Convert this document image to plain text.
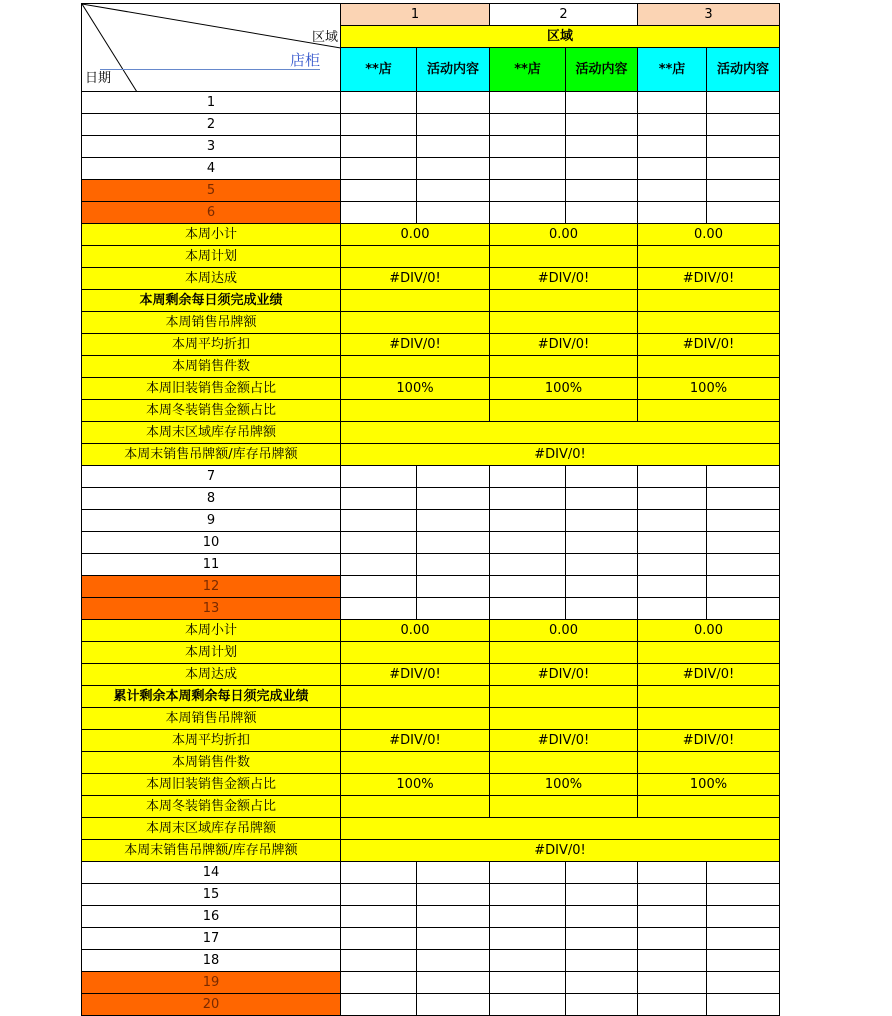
区域
店柜
日期	1		2		3	
	区域					
	**店	活动内容	**店	活动内容	**店	活动内容
1						
2						
3						
4						
5						
6						
本周小计	0.00		0.00		0.00	
本周计划						
本周达成	#DIV/0!		#DIV/0!		#DIV/0!	
本周剩余每日须完成业绩						
本周销售吊牌额						
本周平均折扣	#DIV/0!		#DIV/0!		#DIV/0!	
本周销售件数						
本周旧装销售金额占比	100%		100%		100%	
本周冬装销售金额占比						
本周末区域库存吊牌额						
本周末销售吊牌额/库存吊牌额	#DIV/0!					
7						
8						
9						
10						
11						
12						
13						
本周小计	0.00		0.00		0.00	
本周计划						
本周达成	#DIV/0!		#DIV/0!		#DIV/0!	
累计剩余本周剩余每日须完成业绩						
本周销售吊牌额						
本周平均折扣	#DIV/0!		#DIV/0!		#DIV/0!	
本周销售件数						
本周旧装销售金额占比	100%		100%		100%	
本周冬装销售金额占比						
本周末区域库存吊牌额						
本周末销售吊牌额/库存吊牌额	#DIV/0!					
14						
15						
16						
17						
18						
19						
20						
